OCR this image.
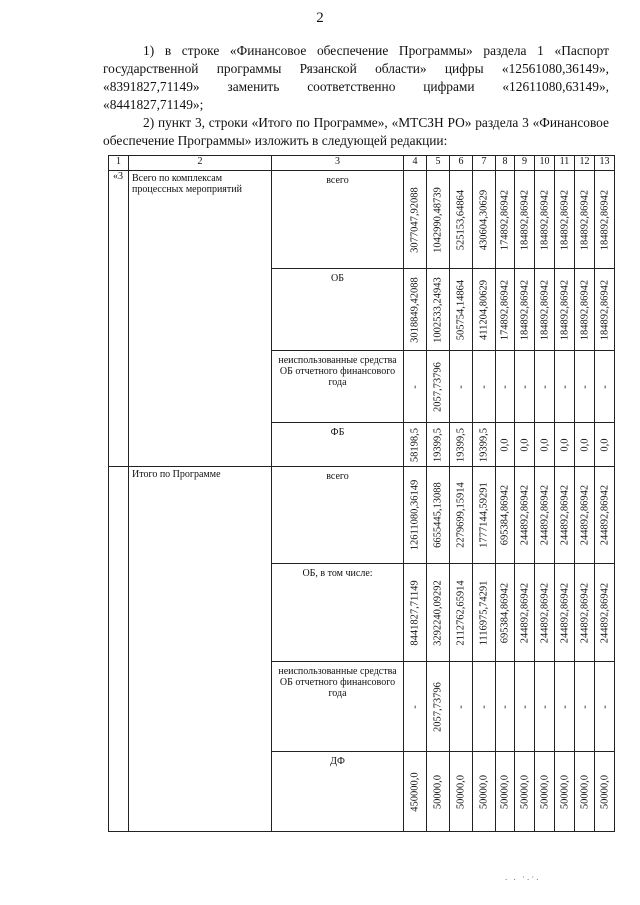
2
1) в строке «Финансовое обеспечение Программы» раздела 1 «Паспорт государственной программы Рязанской области» цифры «12561080,36149», «8391827,71149» заменить соответственно цифрами «12611080,63149», «8441827,71149»;
2) пункт 3, строки «Итого по Программе», «МТСЗН РО» раздела 3 «Финансовое обеспечение Программы» изложить в следующей редакции:
1	2	3	4	5	6	7	8	9	10	11	12	13
«3	Всего по комплексам процессных мероприятий	всего	3077047,92088	1042990,48739	525153,64864	430604,30629	174892,86942	184892,86942	184892,86942	184892,86942	184892,86942	184892,86942

		ОБ	3018849,42088	1002533,24943	505754,14864	411204,80629	174892,86942	184892,86942	184892,86942	184892,86942	184892,86942	184892,86942

		неиспользованные средства ОБ отчетного финансового года	-	2057,73796	-	-	-	-	-	-	-	-

		ФБ	58198,5	19399,5	19399,5	19399,5	0,0	0,0	0,0	0,0	0,0	0,0

	Итого по Программе	всего	12611080,36149	6655445,13088	2279699,15914	1777144,59291	695384,86942	244892,86942	244892,86942	244892,86942	244892,86942	244892,86942

		ОБ, в том числе:	8441827,71149	3292240,09292	2112762,65914	1116975,74291	695384,86942	244892,86942	244892,86942	244892,86942	244892,86942	244892,86942

		неиспользованные средства ОБ отчетного финансового года	-	2057,73796	-	-	-	-	-	-	-	-

		ДФ	450000,0	50000,0	50000,0	50000,0	50000,0	50000,0	50000,0	50000,0	50000,0	50000,0
. . ·.·.
